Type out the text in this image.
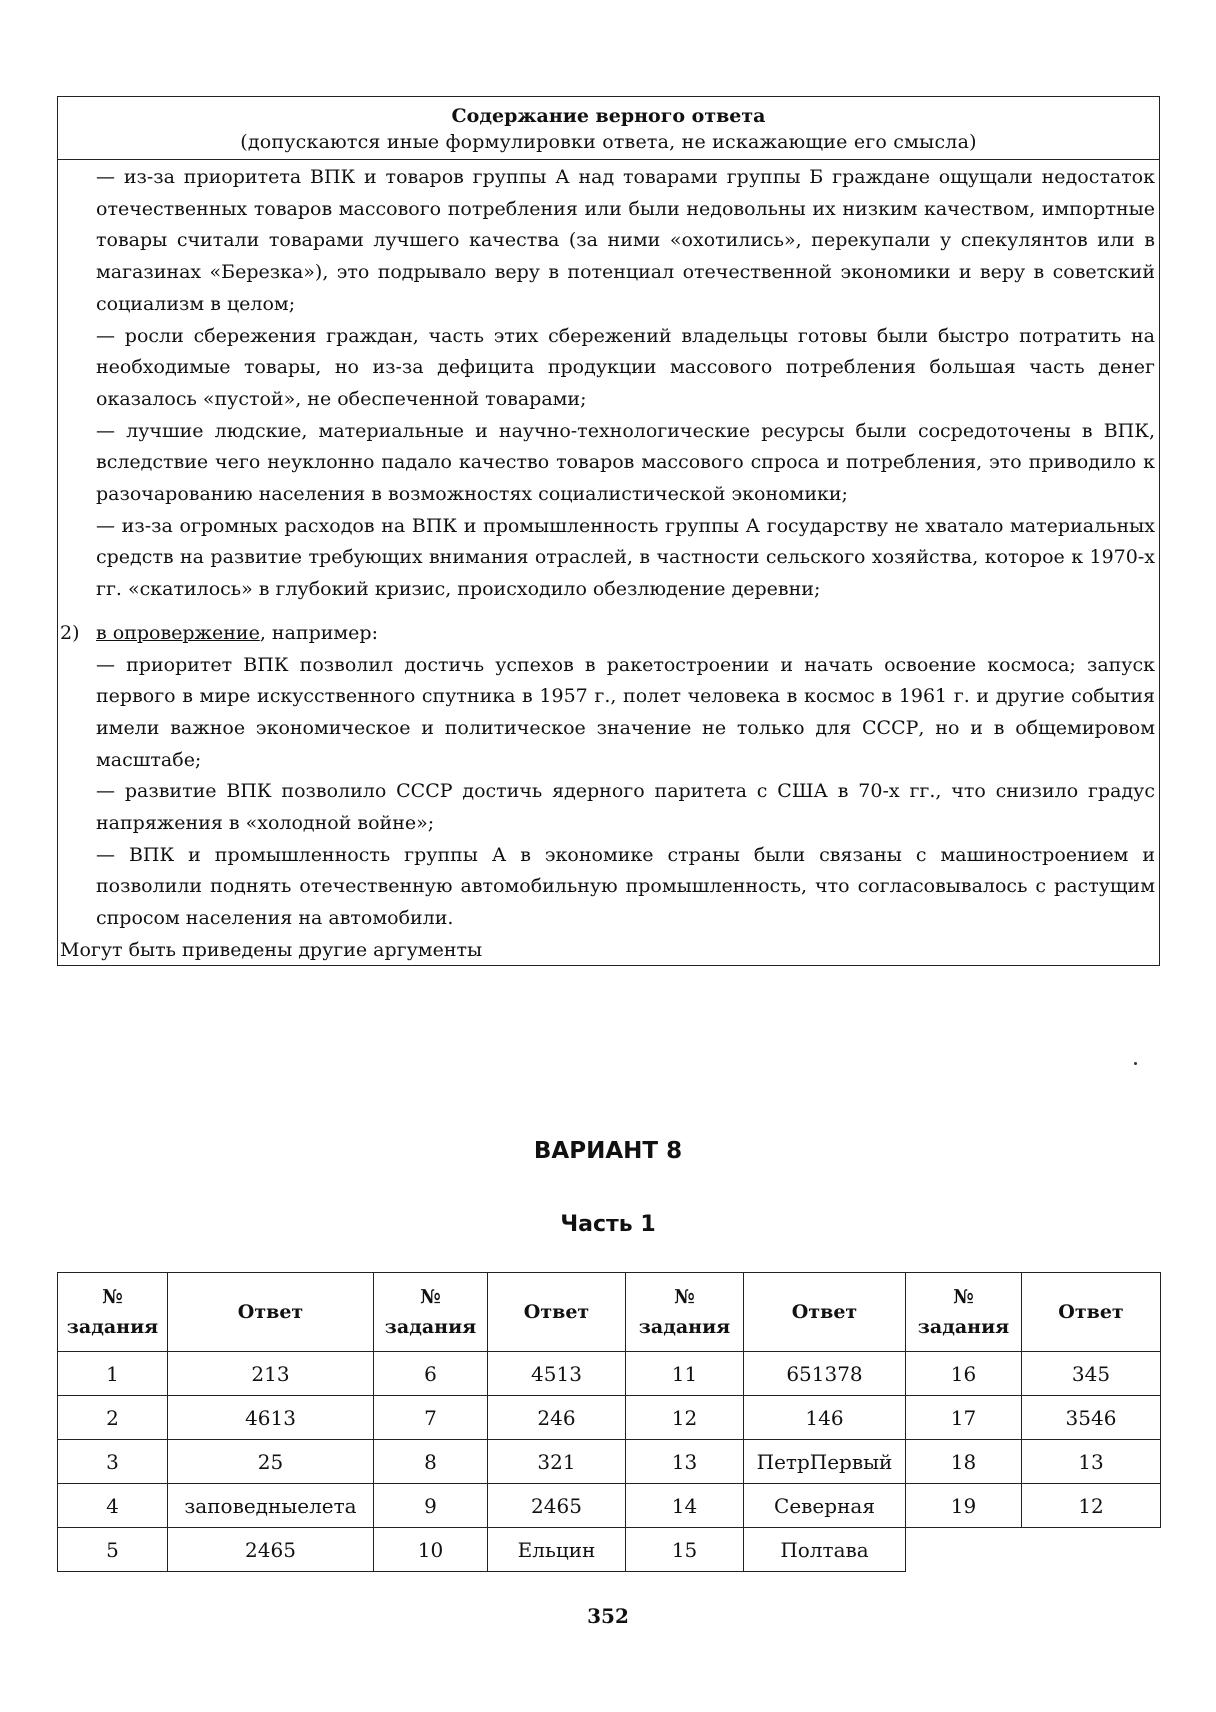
Содержание верного ответа
(допускаются иные формулировки ответа, не искажающие его смысла)
— из-за приоритета ВПК и товаров группы А над товарами группы Б граждане ощущали недостаток отечественных товаров массового потребления или были недовольны их низким качеством, импортные товары считали товарами лучшего качества (за ними «охотились», перекупали у спекулянтов или в магазинах «Березка»), это подрывало веру в потенциал отечественной экономики и веру в советский социализм в целом;
— росли сбережения граждан, часть этих сбережений владельцы готовы были быстро потратить на необходимые товары, но из-за дефицита продукции массового потребления большая часть денег оказалось «пустой», не обеспеченной товарами;
— лучшие людские, материальные и научно-технологические ресурсы были сосредоточены в ВПК, вследствие чего неуклонно падало качество товаров массового спроса и потребления, это приводило к разочарованию населения в возможностях социалистической экономики;
— из-за огромных расходов на ВПК и промышленность группы А государству не хватало материальных средств на развитие требующих внимания отраслей, в частности сельского хозяйства, которое к 1970-х гг. «скатилось» в глубокий кризис, происходило обезлюдение деревни;
2) в опровержение, например:
— приоритет ВПК позволил достичь успехов в ракетостроении и начать освоение космоса; запуск первого в мире искусственного спутника в 1957 г., полет человека в космос в 1961 г. и другие события имели важное экономическое и политическое значение не только для СССР, но и в общемировом масштабе;
— развитие ВПК позволило СССР достичь ядерного паритета с США в 70-х гг., что снизило градус напряжения в «холодной войне»;
— ВПК и промышленность группы А в экономике страны были связаны с машиностроением и позволили поднять отечественную автомобильную промышленность, что согласовывалось с растущим спросом населения на автомобили.
Могут быть приведены другие аргументы
ВАРИАНТ 8
Часть 1
№ задания	Ответ	№ задания	Ответ	№ задания	Ответ	№ задания	Ответ
1	213	6	4513	11	651378	16	345
2	4613	7	246	12	146	17	3546
3	25	8	321	13	ПетрПервый	18	13
4	заповедныелета	9	2465	14	Северная	19	12
5	2465	10	Ельцин	15	Полтава		
352
